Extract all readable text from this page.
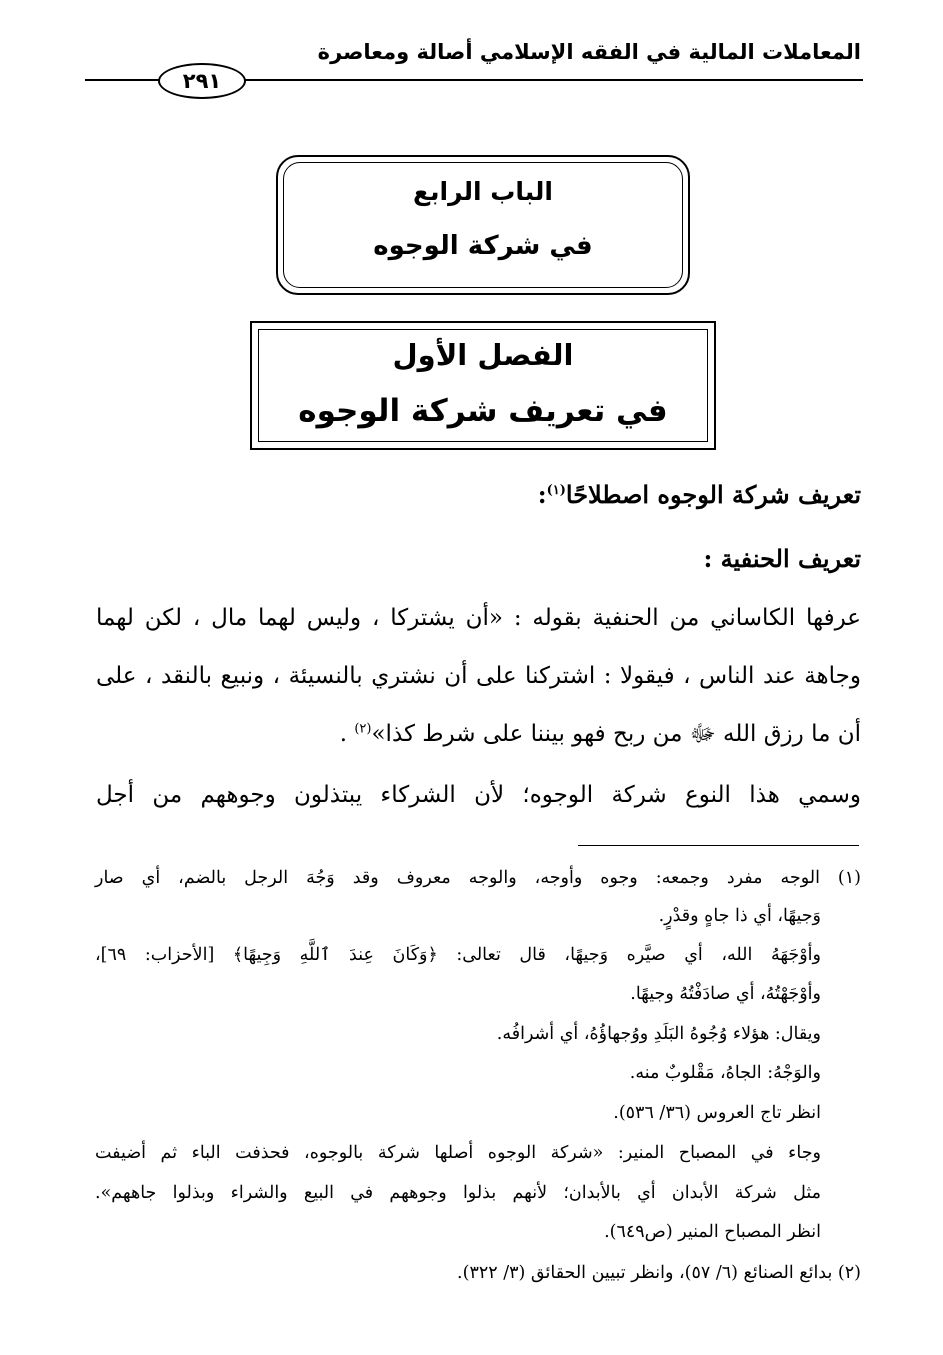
المعاملات المالية في الفقه الإسلامي أصالة ومعاصرة
٢٩١
الباب الرابع
في شركة الوجوه
الفصل الأول
في تعريف شركة الوجوه
تعريف شركة الوجوه اصطلاحًا$^{(١)}$:
تعريف الحنفية :
عرفها الكاساني من الحنفية بقوله : «أن يشتركا ، وليس لهما مال ، لكن لهما
وجاهة عند الناس ، فيقولا : اشتركنا على أن نشتري بالنسيئة ، ونبيع بالنقد ، على
أن ما رزق الله ﷻ من ربح فهو بيننا على شرط كذا»$^{(٢)}$ .
وسمي هذا النوع شركة الوجوه؛ لأن الشركاء يبتذلون وجوههم من أجل
(١) الوجه مفرد وجمعه: وجوه وأوجه، والوجه معروف وقد وَجُهَ الرجل بالضم، أي صار
وَجيهًا، أي ذا جاهٍ وقدْرٍ.
وأوْجَهَهُ الله، أي صيَّره وَجيهًا، قال تعالى: ﴿وَكَانَ عِندَ ٱللَّهِ وَجِيهًا﴾ [الأحزاب: ٦٩]،
وأوْجَهْتُهُ، أي صادَفْتُهُ وجيهًا.
ويقال: هؤلاء وُجُوهُ البَلَدِ ووُجهاؤُهُ، أي أشرافُه.
والوَجْهُ: الجاهُ، مَقْلوبٌ منه.
انظر تاج العروس (٣٦/ ٥٣٦).
وجاء في المصباح المنير: «شركة الوجوه أصلها شركة بالوجوه، فحذفت الباء ثم أضيفت
مثل شركة الأبدان أي بالأبدان؛ لأنهم بذلوا وجوههم في البيع والشراء وبذلوا جاههم».
انظر المصباح المنير (ص٦٤٩).
(٢) بدائع الصنائع (٦/ ٥٧)، وانظر تبيين الحقائق (٣/ ٣٢٢).
